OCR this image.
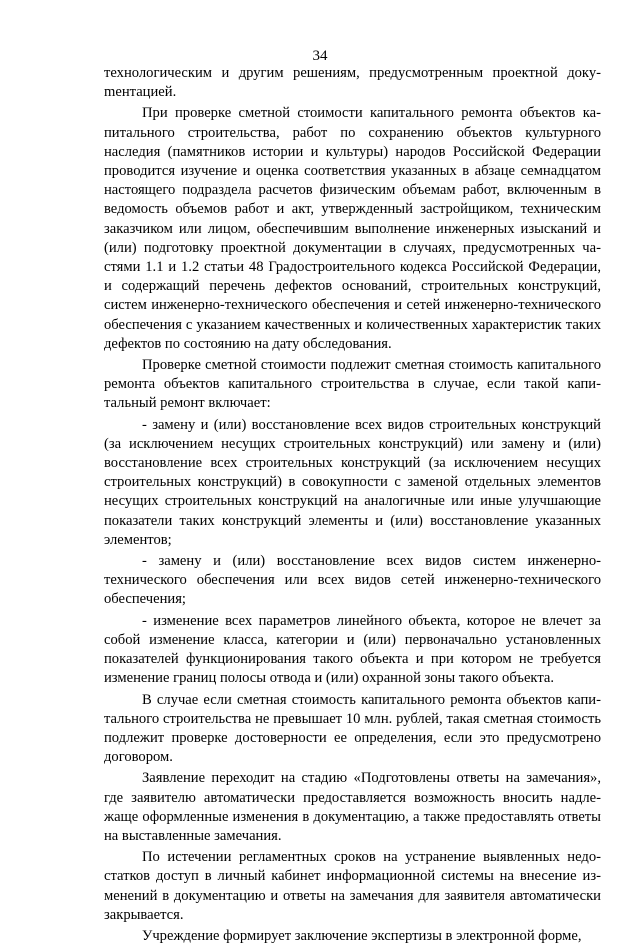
34

технологическим и другим решениям, предусмотренным проектной докуmентацией.

При проверке сметной стоимости капитального ремонта объектов капитального строительства, работ по сохранению объектов культурного наследия (памятников истории и культуры) народов Российской Федерации проводится изучение и оценка соответствия указанных в абзаце семнадцатом настоящего подраздела расчетов физическим объемам работ, включенным в ведомость объемов работ и акт, утвержденный застройщиком, техническим заказчиком или лицом, обеспечившим выполнение инженерных изысканий и (или) подготовку проектной документации в случаях, предусмотренных частями 1.1 и 1.2 статьи 48 Градостроительного кодекса Российской Федерации, и содержащий перечень дефектов оснований, строительных конструкций, систем инженерно-технического обеспечения и сетей инженерно-технического обеспечения с указанием качественных и количественных характеристик таких дефектов по состоянию на дату обследования.

Проверке сметной стоимости подлежит сметная стоимость капитального ремонта объектов капитального строительства в случае, если такой капитальный ремонт включает:

- замену и (или) восстановление всех видов строительных конструкций (за исключением несущих строительных конструкций) или замену и (или) восстановление всех строительных конструкций (за исключением несущих строительных конструкций) в совокупности с заменой отдельных элементов несущих строительных конструкций на аналогичные или иные улучшающие показатели таких конструкций элементы и (или) восстановление указанных элементов;

- замену и (или) восстановление всех видов систем инженерно-технического обеспечения или всех видов сетей инженерно-технического обеспечения;

- изменение всех параметров линейного объекта, которое не влечет за собой изменение класса, категории и (или) первоначально установленных показателей функционирования такого объекта и при котором не требуется изменение границ полосы отвода и (или) охранной зоны такого объекта.

В случае если сметная стоимость капитального ремонта объектов капитального строительства не превышает 10 млн. рублей, такая сметная стоимость подлежит проверке достоверности ее определения, если это предусмотрено договором.

Заявление переходит на стадию «Подготовлены ответы на замечания», где заявителю автоматически предоставляется возможность вносить надлежаще оформленные изменения в документацию, а также предоставлять ответы на выставленные замечания.

По истечении регламентных сроков на устранение выявленных недостатков доступ в личный кабинет информационной системы на внесение изменений в документацию и ответы на замечания для заявителя автоматически закрывается.

Учреждение формирует заключение экспертизы в электронной форме,
